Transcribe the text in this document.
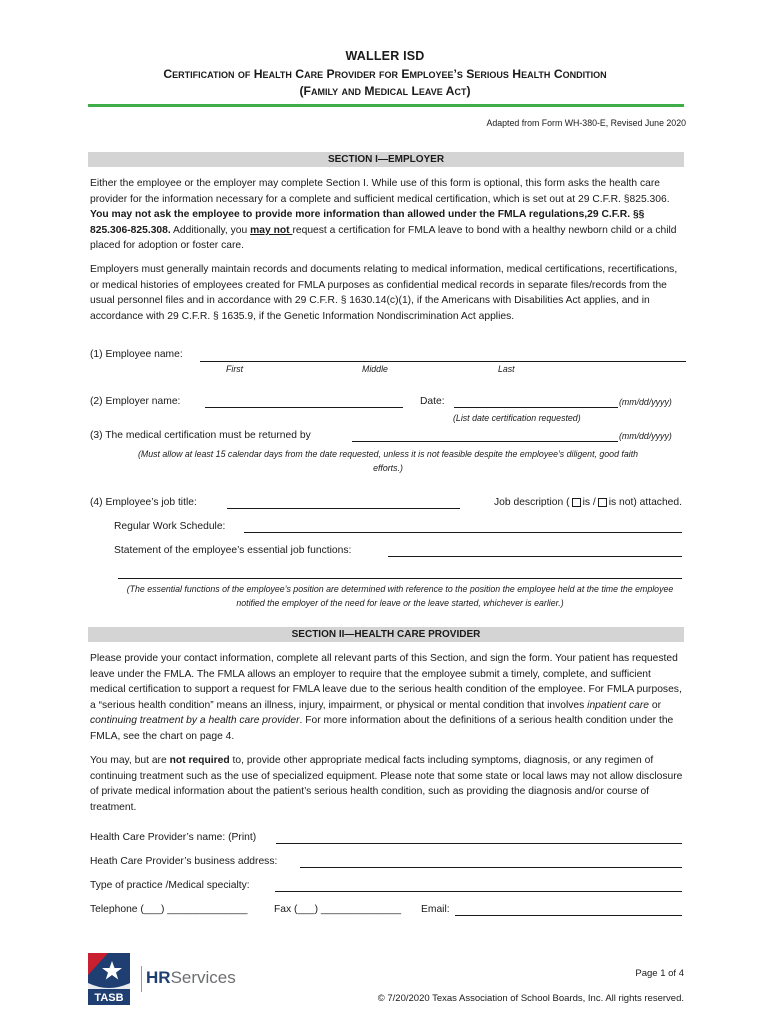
WALLER ISD
Certification of Health Care Provider for Employee’s Serious Health Condition
(Family and Medical Leave Act)
Adapted from Form WH-380-E, Revised June 2020
SECTION I—EMPLOYER
Either the employee or the employer may complete Section I. While use of this form is optional, this form asks the health care provider for the information necessary for a complete and sufficient medical certification, which is set out at 29 C.F.R. §825.306. You may not ask the employee to provide more information than allowed under the FMLA regulations,29 C.F.R. §§ 825.306-825.308. Additionally, you may not request a certification for FMLA leave to bond with a healthy newborn child or a child placed for adoption or foster care.
Employers must generally maintain records and documents relating to medical information, medical certifications, recertifications, or medical histories of employees created for FMLA purposes as confidential medical records in separate files/records from the usual personnel files and in accordance with 29 C.F.R. § 1630.14(c)(1), if the Americans with Disabilities Act applies, and in accordance with 29 C.F.R. § 1635.9, if the Genetic Information Nondiscrimination Act applies.
(1) Employee name:
First	Middle	Last
(2) Employer name:	Date:	(mm/dd/yyyy)
(List date certification requested)
(3) The medical certification must be returned by	(mm/dd/yyyy)
(Must allow at least 15 calendar days from the date requested, unless it is not feasible despite the employee’s diligent, good faith efforts.)
(4) Employee’s job title:	Job description ( is / is not) attached.
Regular Work Schedule:
Statement of the employee’s essential job functions:
(The essential functions of the employee’s position are determined with reference to the position the employee held at the time the employee notified the employer of the need for leave or the leave started, whichever is earlier.)
SECTION II—HEALTH CARE PROVIDER
Please provide your contact information, complete all relevant parts of this Section, and sign the form. Your patient has requested leave under the FMLA. The FMLA allows an employer to require that the employee submit a timely, complete, and sufficient medical certification to support a request for FMLA leave due to the serious health condition of the employee. For FMLA purposes, a “serious health condition” means an illness, injury, impairment, or physical or mental condition that involves inpatient care or continuing treatment by a health care provider. For more information about the definitions of a serious health condition under the FMLA, see the chart on page 4.
You may, but are not required to, provide other appropriate medical facts including symptoms, diagnosis, or any regimen of continuing treatment such as the use of specialized equipment. Please note that some state or local laws may not allow disclosure of private medical information about the patient’s serious health condition, such as providing the diagnosis and/or course of treatment.
Health Care Provider’s name: (Print)
Heath Care Provider’s business address:
Type of practice /Medical specialty:
Telephone (___) ______________	Fax (___) ______________ Email:
TASB
HRServices	Page 1 of 4
© 7/20/2020 Texas Association of School Boards, Inc. All rights reserved.
